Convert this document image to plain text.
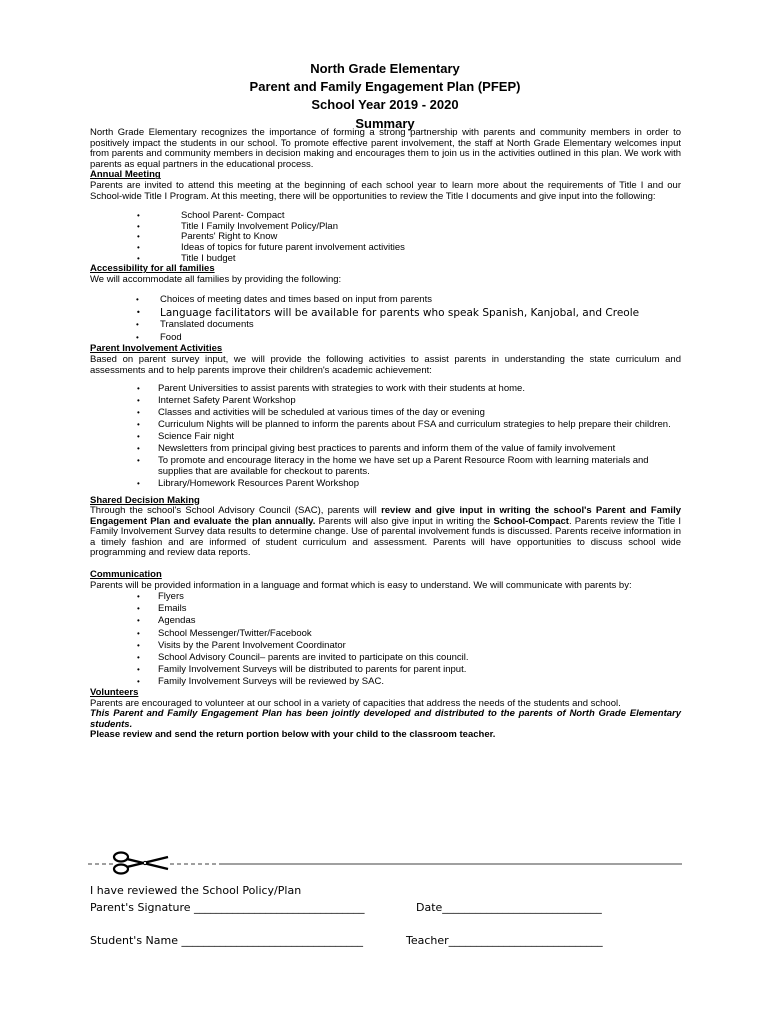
North Grade Elementary
Parent and Family Engagement Plan (PFEP)
School Year 2019 - 2020
Summary

North Grade Elementary recognizes the importance of forming a strong partnership with parents and community members in order to positively impact the students in our school. To promote effective parent involvement, the staff at North Grade Elementary welcomes input from parents and community members in decision making and encourages them to join us in the activities outlined in this plan. We work with parents as equal partners in the educational process.

Annual Meeting

Parents are invited to attend this meeting at the beginning of each school year to learn more about the requirements of Title I and our School-wide Title I Program. At this meeting, there will be opportunities to review the Title I documents and give input into the following:

• School Parent- Compact
• Title I Family Involvement Policy/Plan
• Parents' Right to Know
• Ideas of topics for future parent involvement activities
• Title I budget
Accessibility for all families

We will accommodate all families by providing the following:

• Choices of meeting dates and times based on input from parents
• Language facilitators will be available for parents who speak Spanish, Kanjobal, and Creole
• Translated documents
• Food
Parent Involvement Activities

Based on parent survey input, we will provide the following activities to assist parents in understanding the state curriculum and assessments and to help parents improve their children's academic achievement:

• Parent Universities to assist parents with strategies to work with their students at home.
• Internet Safety Parent Workshop
• Classes and activities will be scheduled at various times of the day or evening
• Curriculum Nights will be planned to inform the parents about FSA and curriculum strategies to help prepare their children.
• Science Fair night
• Newsletters from principal giving best practices to parents and inform them of the value of family involvement
• To promote and encourage literacy in the home we have set up a Parent Resource Room with learning materials and supplies that are available for checkout to parents.
• Library/Homework Resources Parent Workshop
Shared Decision Making

Through the school's School Advisory Council (SAC), parents will review and give input in writing the school's Parent and Family Engagement Plan and evaluate the plan annually. Parents will also give input in writing the School-Compact. Parents review the Title I Family Involvement Survey data results to determine change. Use of parental involvement funds is discussed. Parents receive information in a timely fashion and are informed of student curriculum and assessment. Parents will have opportunities to discuss school wide programming and review data reports.

Communication

Parents will be provided information in a language and format which is easy to understand. We will communicate with parents by:

• Flyers
• Emails
• Agendas
• School Messenger/Twitter/Facebook
• Visits by the Parent Involvement Coordinator
• School Advisory Council– parents are invited to participate on this council.
• Family Involvement Surveys will be distributed to parents for parent input.
• Family Involvement Surveys will be reviewed by SAC.
Volunteers

Parents are encouraged to volunteer at our school in a variety of capacities that address the needs of the students and school.

This Parent and Family Engagement Plan has been jointly developed and distributed to the parents of North Grade Elementary students.

Please review and send the return portion below with your child to the classroom teacher.

I have reviewed the School Policy/Plan
Parent's Signature _______________________________	Date_____________________________
Student's Name _________________________________	Teacher____________________________
